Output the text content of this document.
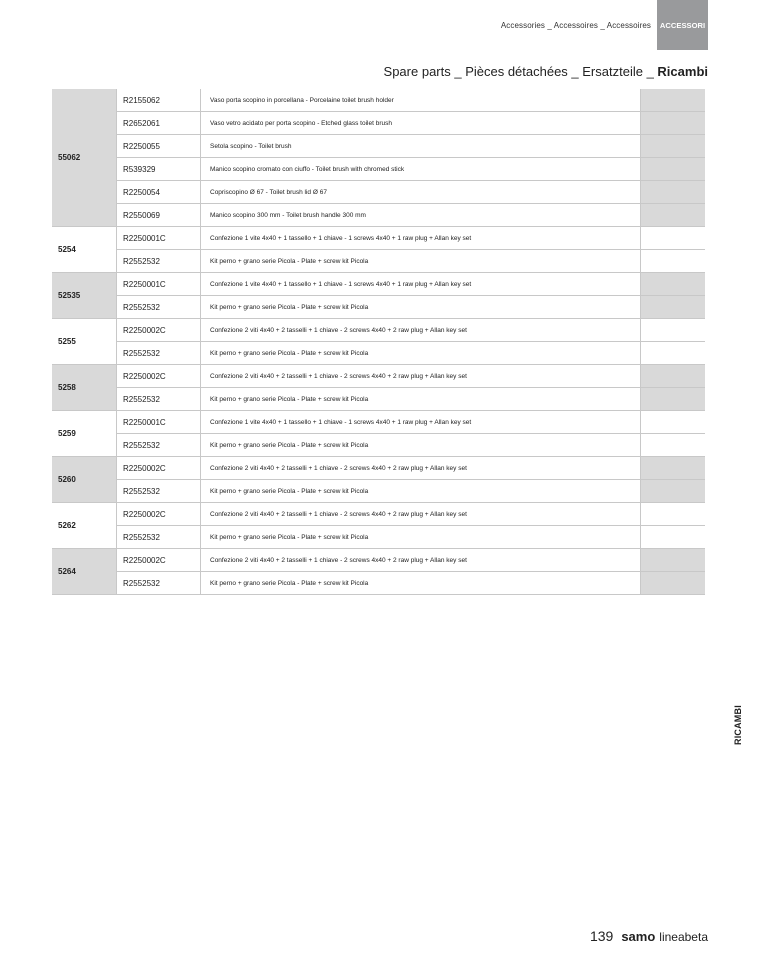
Accessories _ Accessoires _ Accessoires	ACCESSORI
Spare parts _ Pièces détachées _ Ersatzteile _ Ricambi
55062	R2155062	Vaso porta scopino in porcellana - Porcelaine toilet brush holder	
	R2652061	Vaso vetro acidato per porta scopino - Etched glass toilet brush	
	R2250055	Setola scopino - Toilet brush	
	R539329	Manico scopino cromato con ciuffo - Toilet brush with chromed stick	
	R2250054	Copriscopino Ø 67 - Toilet brush lid Ø 67	
	R2550069	Manico scopino 300 mm - Toilet brush handle 300 mm	
5254	R2250001C	Confezione 1 vite 4x40 + 1 tassello + 1 chiave - 1 screws 4x40 + 1 raw plug + Allan key set	
	R2552532	Kit perno + grano serie Picola - Plate + screw kit Picola	
52535	R2250001C	Confezione 1 vite 4x40 + 1 tassello + 1 chiave - 1 screws 4x40 + 1 raw plug + Allan key set	
	R2552532	Kit perno + grano serie Picola - Plate + screw kit Picola	
5255	R2250002C	Confezione 2 viti 4x40 + 2 tasselli + 1 chiave - 2 screws 4x40 + 2 raw plug + Allan key set	
	R2552532	Kit perno + grano serie Picola - Plate + screw kit Picola	
5258	R2250002C	Confezione 2 viti 4x40 + 2 tasselli + 1 chiave - 2 screws 4x40 + 2 raw plug + Allan key set	
	R2552532	Kit perno + grano serie Picola - Plate + screw kit Picola	
5259	R2250001C	Confezione 1 vite 4x40 + 1 tassello + 1 chiave - 1 screws 4x40 + 1 raw plug + Allan key set	
	R2552532	Kit perno + grano serie Picola - Plate + screw kit Picola	
5260	R2250002C	Confezione 2 viti 4x40 + 2 tasselli + 1 chiave - 2 screws 4x40 + 2 raw plug + Allan key set	
	R2552532	Kit perno + grano serie Picola - Plate + screw kit Picola	
5262	R2250002C	Confezione 2 viti 4x40 + 2 tasselli + 1 chiave - 2 screws 4x40 + 2 raw plug + Allan key set	
	R2552532	Kit perno + grano serie Picola - Plate + screw kit Picola	
5264	R2250002C	Confezione 2 viti 4x40 + 2 tasselli + 1 chiave - 2 screws 4x40 + 2 raw plug + Allan key set	
	R2552532	Kit perno + grano serie Picola - Plate + screw kit Picola	
RICAMBI
139 samo lineabeta
